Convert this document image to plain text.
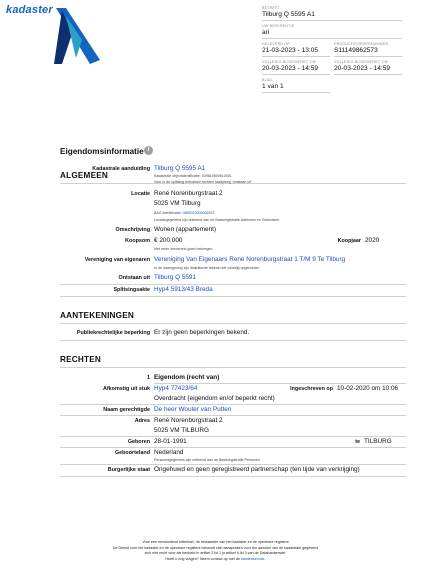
kadaster	BETREFT
Tilburg Q 5595 A1
UW REFERENTIE
ari
GELEVERD OP
21-03-2023 - 13:05
PRODUCTIEORDERNUMMER
S11149862573
VOLLEDIG BIJGEWERKT T/M
20-03-2023 - 14:59
VOLLEDIG BIJGEWERKT T/M
20-03-2023 - 14:59
BLAD
1 van 1
Eigendomsinformatie i
ALGEMEEN
Kadastrale aanduiding Tilburg Q 5595 A1
Kadastrale objectidentificatie: 009810500610001
Voor in de splitsing betrokken rechten raadpleeg 'ontstaan uit'
Locatie René Norenburgstraat 2
5025 VM Tilburg
BAG identificatie: 0855010000052913
Locatiegegevens zijn ontleend aan de Basisregistratie Adressen en Gebouwen
Omschrijving Wonen (appartement)
Koopsom € 200.000	Koopjaar 2020
Met meer onroerend goed verkregen
Vereniging van eigenaren Vereniging Van Eigenaars Rene Norenburgstraat 1 T/M 9 Te Tilburg
In de naamgeving zijn diakritische tekens niet volledig opgenomen
Ontstaan uit Tilburg Q 5591
Splitsingsakte Hyp4 5913/43 Breda
AANTEKENINGEN
Publiekrechtelijke beperking Er zijn geen beperkingen bekend.
RECHTEN
1 Eigendom (recht van)
Afkomstig uit stuk Hyp4 77423/64	Ingeschreven op 10-02-2020 om 10:06
Overdracht (eigendom en/of beperkt recht)
Naam gerechtigde De heer Wouter van Putten
Adres René Norenburgstraat 2
5025 VM TILBURG
Geboren 28-01-1991	te TILBURG
Geboorteland Nederland
Persoonsgegevens zijn ontleend aan de Basisregistratie Personen
Burgerlijke staat Ongehuwd en geen geregistreerd partnerschap (ten tijde van verkrijging)
Voor een eensluidend uittreksel, de bewaarder van het kadaster en de openbare registers
De Dienst voor het kadaster en de openbare registers behoudt zich aanspraken voor ten aanzien van de kadastrale gegevens
zich niet recht voor als bedoeld in artikel 2 lid 1 jo artikel 6 lid 3 van de Databankenwet.
Heeft u nog vragen? Neem contact op met de klantenservice.
